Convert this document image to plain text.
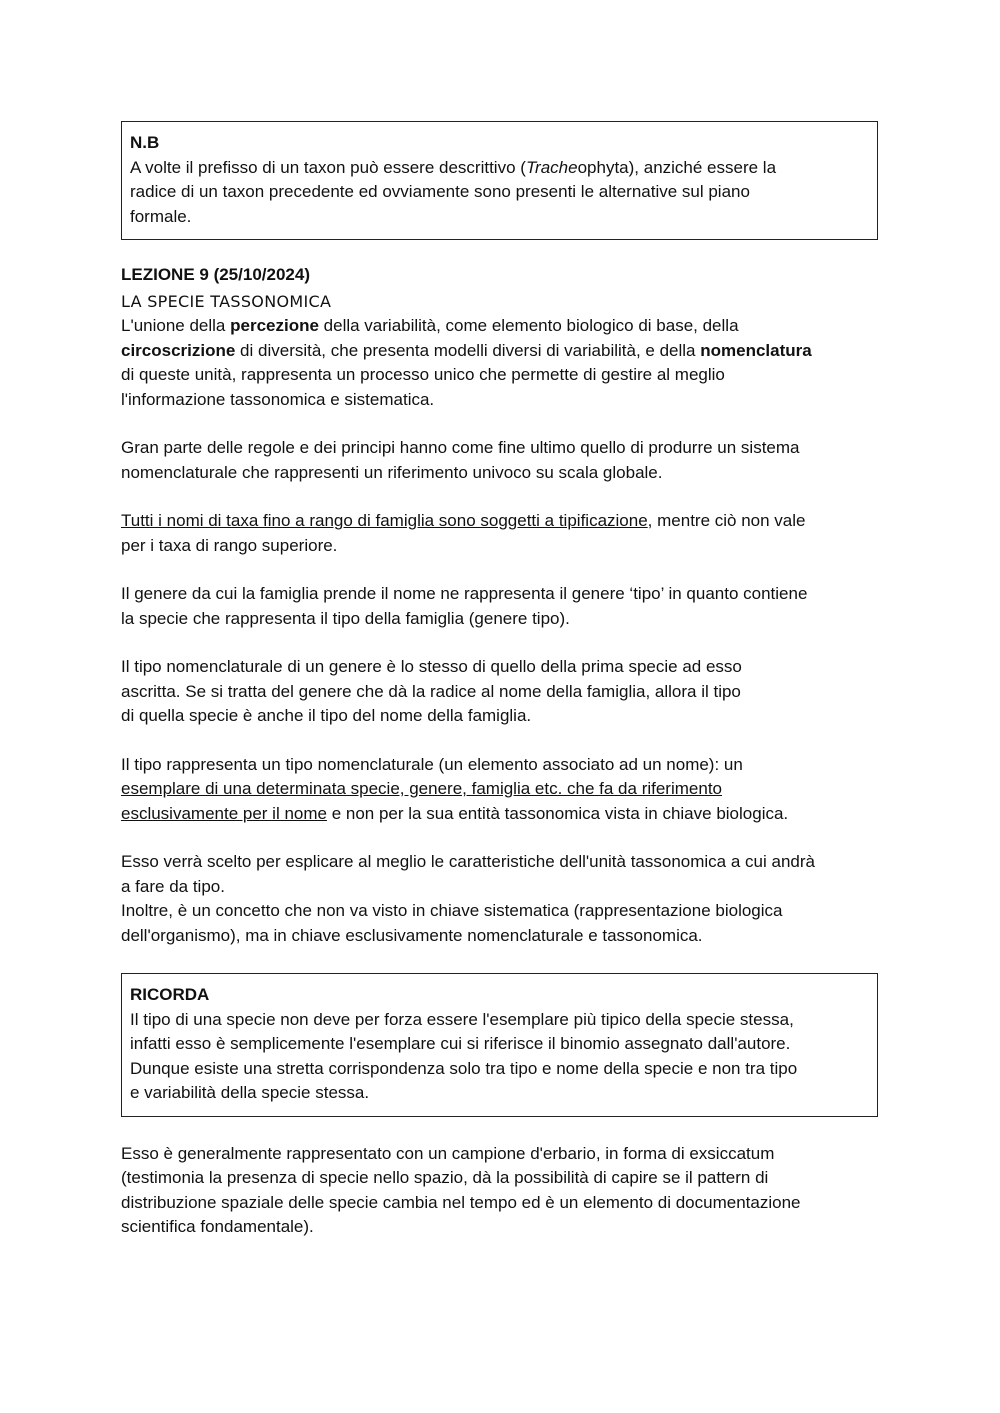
N.B

A volte il prefisso di un taxon può essere descrittivo (Tracheophyta), anziché essere la
radice di un taxon precedente ed ovviamente sono presenti le alternative sul piano
formale.

LEZIONE 9 (25/10/2024)
LA SPECIE TASSONOMICA

L'unione della percezione della variabilità, come elemento biologico di base, della
circoscrizione di diversità, che presenta modelli diversi di variabilità, e della nomenclatura
di queste unità, rappresenta un processo unico che permette di gestire al meglio
l'informazione tassonomica e sistematica.

Gran parte delle regole e dei principi hanno come fine ultimo quello di produrre un sistema
nomenclaturale che rappresenti un riferimento univoco su scala globale.

Tutti i nomi di taxa fino a rango di famiglia sono soggetti a tipificazione, mentre ciò non vale
per i taxa di rango superiore.

Il genere da cui la famiglia prende il nome ne rappresenta il genere ‘tipo’ in quanto contiene
la specie che rappresenta il tipo della famiglia (genere tipo).

Il tipo nomenclaturale di un genere è lo stesso di quello della prima specie ad esso
ascritta. Se si tratta del genere che dà la radice al nome della famiglia, allora il tipo
di quella specie è anche il tipo del nome della famiglia.

Il tipo rappresenta un tipo nomenclaturale (un elemento associato ad un nome): un
esemplare di una determinata specie, genere, famiglia etc. che fa da riferimento
esclusivamente per il nome e non per la sua entità tassonomica vista in chiave biologica.

Esso verrà scelto per esplicare al meglio le caratteristiche dell'unità tassonomica a cui andrà
a fare da tipo.
Inoltre, è un concetto che non va visto in chiave sistematica (rappresentazione biologica
dell'organismo), ma in chiave esclusivamente nomenclaturale e tassonomica.

RICORDA

Il tipo di una specie non deve per forza essere l'esemplare più tipico della specie stessa,
infatti esso è semplicemente l'esemplare cui si riferisce il binomio assegnato dall'autore.
Dunque esiste una stretta corrispondenza solo tra tipo e nome della specie e non tra tipo
e variabilità della specie stessa.

Esso è generalmente rappresentato con un campione d'erbario, in forma di exsiccatum
(testimonia la presenza di specie nello spazio, dà la possibilità di capire se il pattern di
distribuzione spaziale delle specie cambia nel tempo ed è un elemento di documentazione
scientifica fondamentale).
